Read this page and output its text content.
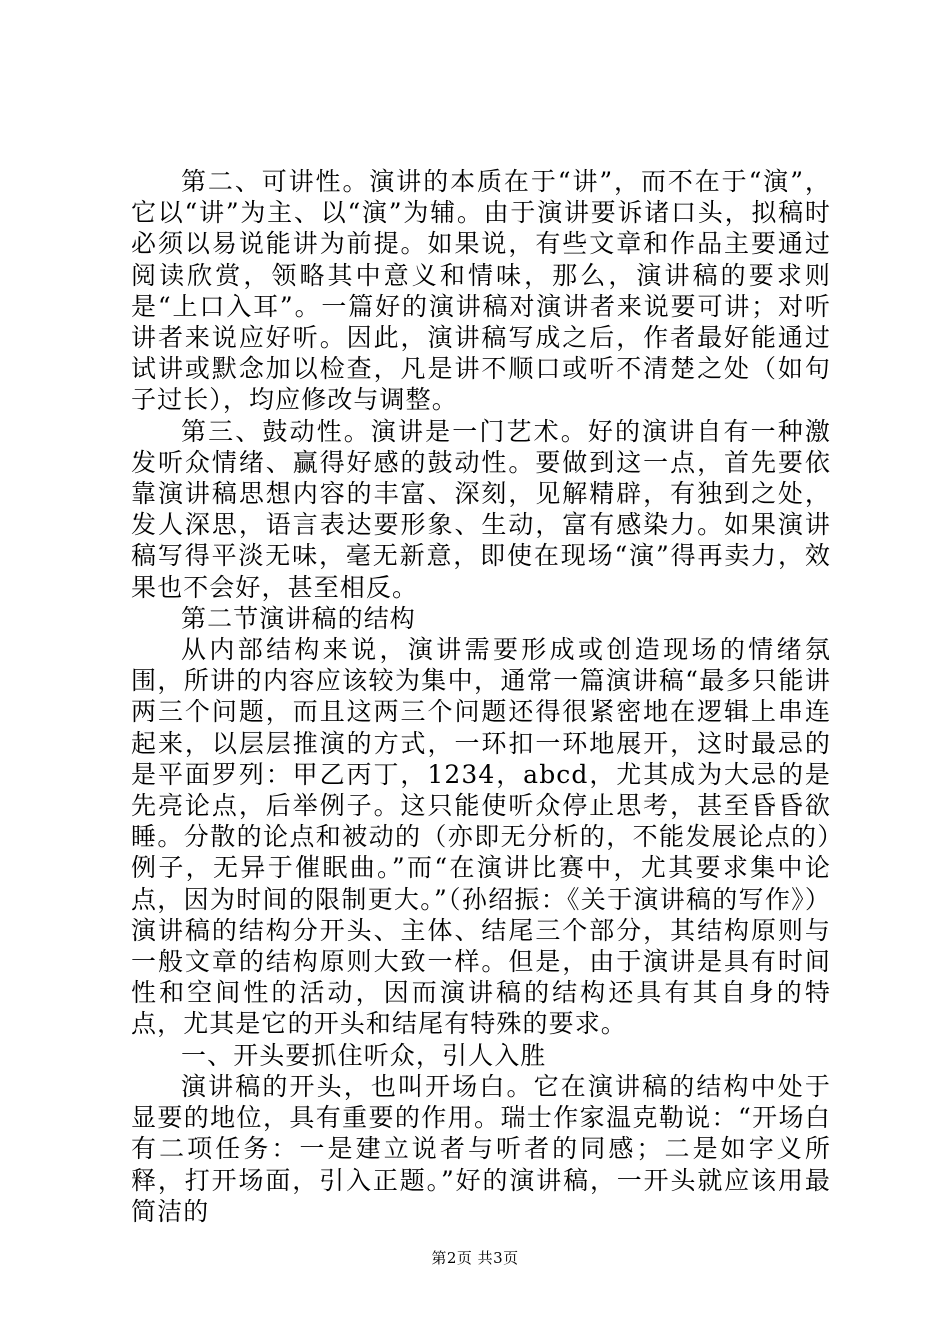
第二、可讲性。演讲的本质在于“讲”，而不在于“演”，它以“讲”为主、以“演”为辅。由于演讲要诉诸口头，拟稿时必须以易说能讲为前提。如果说，有些文章和作品主要通过阅读欣赏，领略其中意义和情味，那么，演讲稿的要求则是“上口入耳”。一篇好的演讲稿对演讲者来说要可讲；对听讲者来说应好听。因此，演讲稿写成之后，作者最好能通过试讲或默念加以检查，凡是讲不顺口或听不清楚之处（如句子过长），均应修改与调整。

第三、鼓动性。演讲是一门艺术。好的演讲自有一种激发听众情绪、赢得好感的鼓动性。要做到这一点，首先要依靠演讲稿思想内容的丰富、深刻，见解精辟，有独到之处，发人深思，语言表达要形象、生动，富有感染力。如果演讲稿写得平淡无味，毫无新意，即使在现场“演”得再卖力，效果也不会好，甚至相反。

第二节演讲稿的结构

从内部结构来说，演讲需要形成或创造现场的情绪氛围，所讲的内容应该较为集中，通常一篇演讲稿“最多只能讲两三个问题，而且这两三个问题还得很紧密地在逻辑上串连起来，以层层推演的方式，一环扣一环地展开，这时最忌的是平面罗列：甲乙丙丁，1234，abcd，尤其成为大忌的是先亮论点，后举例子。这只能使听众停止思考，甚至昏昏欲睡。分散的论点和被动的（亦即无分析的，不能发展论点的）例子，无异于催眠曲。”而“在演讲比赛中，尤其要求集中论点，因为时间的限制更大。”（孙绍振：《关于演讲稿的写作》）演讲稿的结构分开头、主体、结尾三个部分，其结构原则与一般文章的结构原则大致一样。但是，由于演讲是具有时间性和空间性的活动，因而演讲稿的结构还具有其自身的特点，尤其是它的开头和结尾有特殊的要求。

一、开头要抓住听众，引人入胜

演讲稿的开头，也叫开场白。它在演讲稿的结构中处于显要的地位，具有重要的作用。瑞士作家温克勒说：“开场白有二项任务：一是建立说者与听者的同感；二是如字义所释，打开场面，引入正题。”好的演讲稿，一开头就应该用最简洁的

第2页 共3页
